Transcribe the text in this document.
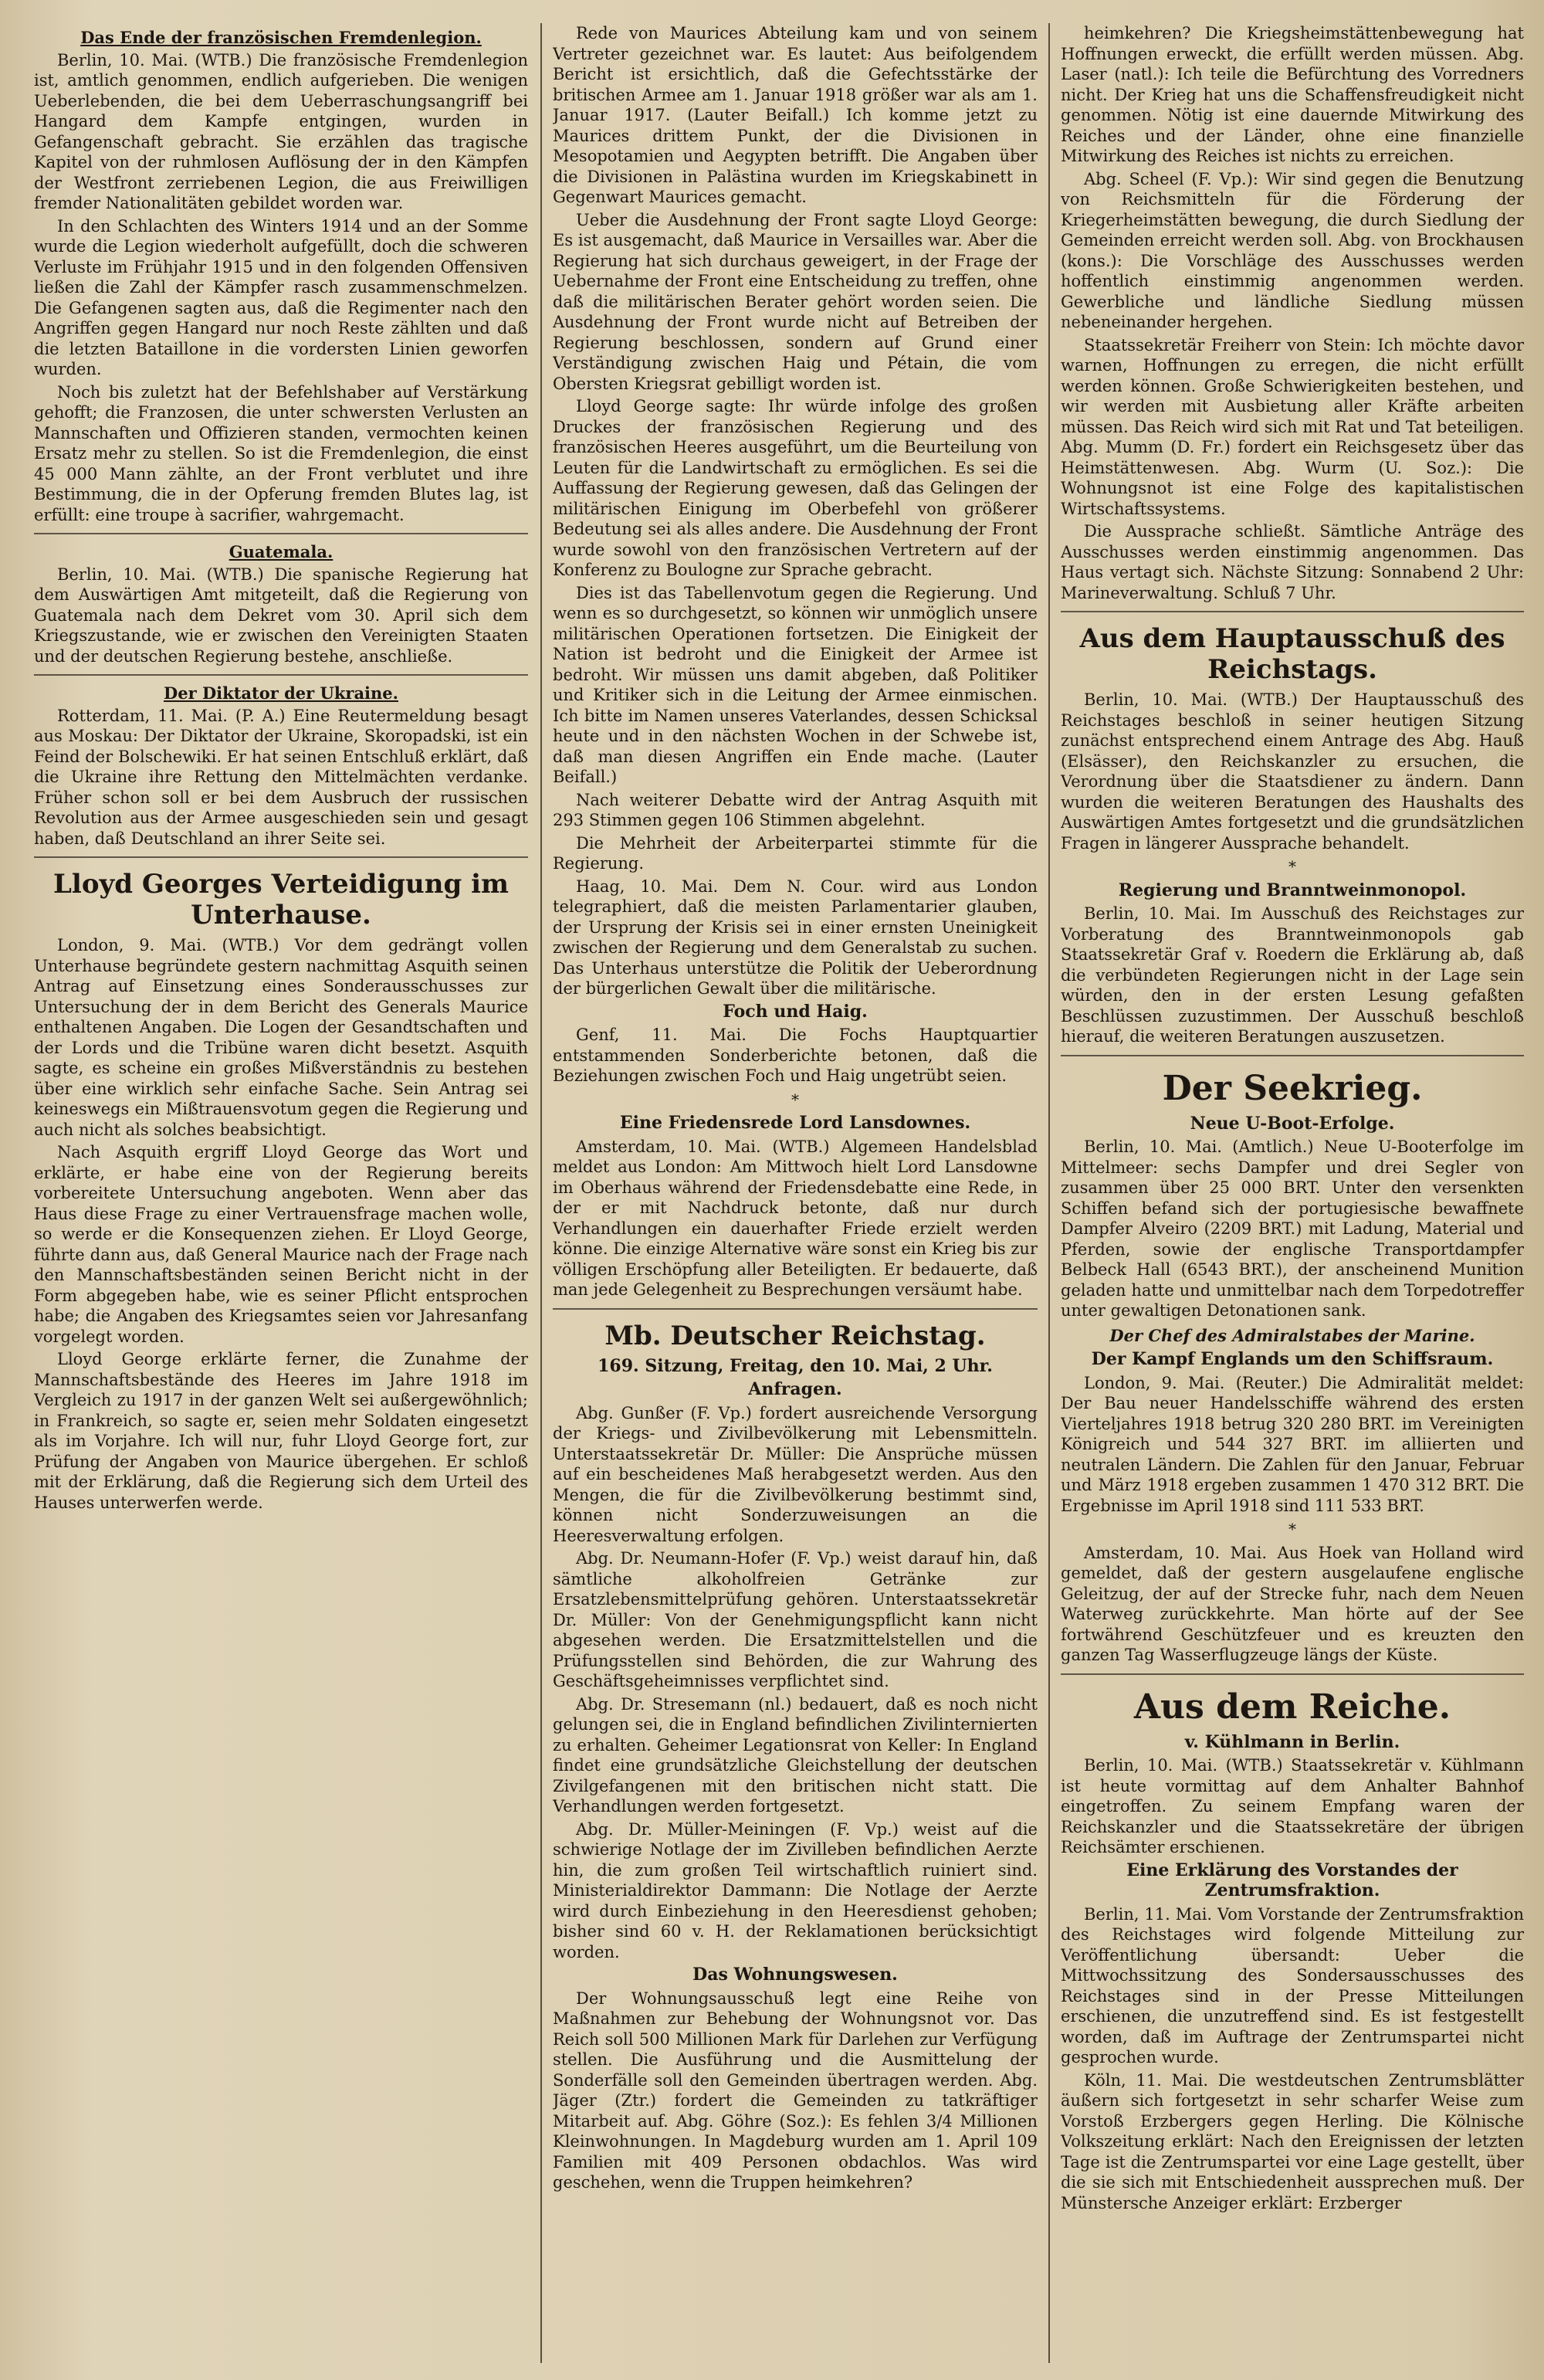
Das Ende der französischen Fremdenlegion.

Berlin, 10. Mai. (WTB.) Die französische Fremdenlegion ist, amtlich genommen, endlich aufgerieben. Die wenigen Ueberlebenden, die bei dem Ueberraschungsangriff bei Hangard dem Kampfe entgingen, wurden in Gefangenschaft gebracht. Sie erzählen das tragische Kapitel von der ruhmlosen Auflösung der in den Kämpfen der Westfront zerriebenen Legion, die aus Freiwilligen fremder Nationalitäten gebildet worden war.

In den Schlachten des Winters 1914 und an der Somme wurde die Legion wiederholt aufgefüllt, doch die schweren Verluste im Frühjahr 1915 und in den folgenden Offensiven ließen die Zahl der Kämpfer rasch zusammenschmelzen. Die Gefangenen sagten aus, daß die Regimenter nach den Angriffen gegen Hangard nur noch Reste zählten und daß die letzten Bataillone in die vordersten Linien geworfen wurden.

Noch bis zuletzt hat der Befehlshaber auf Verstärkung gehofft; die Franzosen, die unter schwersten Verlusten an Mannschaften und Offizieren standen, vermochten keinen Ersatz mehr zu stellen. So ist die Fremdenlegion, die einst 45 000 Mann zählte, an der Front verblutet und ihre Bestimmung, die in der Opferung fremden Blutes lag, ist erfüllt: eine troupe à sacrifier, wahrgemacht.

Guatemala.

Berlin, 10. Mai. (WTB.) Die spanische Regierung hat dem Auswärtigen Amt mitgeteilt, daß die Regierung von Guatemala nach dem Dekret vom 30. April sich dem Kriegszustande, wie er zwischen den Vereinigten Staaten und der deutschen Regierung bestehe, anschließe.

Der Diktator der Ukraine.

Rotterdam, 11. Mai. (P. A.) Eine Reutermeldung besagt aus Moskau: Der Diktator der Ukraine, Skoropadski, ist ein Feind der Bolschewiki. Er hat seinen Entschluß erklärt, daß die Ukraine ihre Rettung den Mittelmächten verdanke. Früher schon soll er bei dem Ausbruch der russischen Revolution aus der Armee ausgeschieden sein und gesagt haben, daß Deutschland an ihrer Seite sei.

Lloyd Georges Verteidigung im Unterhause.

London, 9. Mai. (WTB.) Vor dem gedrängt vollen Unterhause begründete gestern nachmittag Asquith seinen Antrag auf Einsetzung eines Sonderausschusses zur Untersuchung der in dem Bericht des Generals Maurice enthaltenen Angaben. Die Logen der Gesandtschaften und der Lords und die Tribüne waren dicht besetzt. Asquith sagte, es scheine ein großes Mißverständnis zu bestehen über eine wirklich sehr einfache Sache. Sein Antrag sei keineswegs ein Mißtrauensvotum gegen die Regierung und auch nicht als solches beabsichtigt.

Nach Asquith ergriff Lloyd George das Wort und erklärte, er habe eine von der Regierung bereits vorbereitete Untersuchung angeboten. Wenn aber das Haus diese Frage zu einer Vertrauensfrage machen wolle, so werde er die Konsequenzen ziehen. Er Lloyd George, führte dann aus, daß General Maurice nach der Frage nach den Mannschaftsbeständen seinen Bericht nicht in der Form abgegeben habe, wie es seiner Pflicht entsprochen habe; die Angaben des Kriegsamtes seien vor Jahresanfang vorgelegt worden.

Lloyd George erklärte ferner, die Zunahme der Mannschaftsbestände des Heeres im Jahre 1918 im Vergleich zu 1917 in der ganzen Welt sei außergewöhnlich; in Frankreich, so sagte er, seien mehr Soldaten eingesetzt als im Vorjahre. Ich will nur, fuhr Lloyd George fort, zur Prüfung der Angaben von Maurice übergehen. Er schloß mit der Erklärung, daß die Regierung sich dem Urteil des Hauses unterwerfen werde.

Rede von Maurices Abteilung kam und von seinem Vertreter gezeichnet war. Es lautet: Aus beifolgendem Bericht ist ersichtlich, daß die Gefechtsstärke der britischen Armee am 1. Januar 1918 größer war als am 1. Januar 1917. (Lauter Beifall.) Ich komme jetzt zu Maurices drittem Punkt, der die Divisionen in Mesopotamien und Aegypten betrifft. Die Angaben über die Divisionen in Palästina wurden im Kriegskabinett in Gegenwart Maurices gemacht.

Ueber die Ausdehnung der Front sagte Lloyd George: Es ist ausgemacht, daß Maurice in Versailles war. Aber die Regierung hat sich durchaus geweigert, in der Frage der Uebernahme der Front eine Entscheidung zu treffen, ohne daß die militärischen Berater gehört worden seien. Die Ausdehnung der Front wurde nicht auf Betreiben der Regierung beschlossen, sondern auf Grund einer Verständigung zwischen Haig und Pétain, die vom Obersten Kriegsrat gebilligt worden ist.

Lloyd George sagte: Ihr würde infolge des großen Druckes der französischen Regierung und des französischen Heeres ausgeführt, um die Beurteilung von Leuten für die Landwirtschaft zu ermöglichen. Es sei die Auffassung der Regierung gewesen, daß das Gelingen der militärischen Einigung im Oberbefehl von größerer Bedeutung sei als alles andere. Die Ausdehnung der Front wurde sowohl von den französischen Vertretern auf der Konferenz zu Boulogne zur Sprache gebracht.

Dies ist das Tabellenvotum gegen die Regierung. Und wenn es so durchgesetzt, so können wir unmöglich unsere militärischen Operationen fortsetzen. Die Einigkeit der Nation ist bedroht und die Einigkeit der Armee ist bedroht. Wir müssen uns damit abgeben, daß Politiker und Kritiker sich in die Leitung der Armee einmischen. Ich bitte im Namen unseres Vaterlandes, dessen Schicksal heute und in den nächsten Wochen in der Schwebe ist, daß man diesen Angriffen ein Ende mache. (Lauter Beifall.)

Nach weiterer Debatte wird der Antrag Asquith mit 293 Stimmen gegen 106 Stimmen abgelehnt.

Die Mehrheit der Arbeiterpartei stimmte für die Regierung.

Haag, 10. Mai. Dem N. Cour. wird aus London telegraphiert, daß die meisten Parlamentarier glauben, der Ursprung der Krisis sei in einer ernsten Uneinigkeit zwischen der Regierung und dem Generalstab zu suchen. Das Unterhaus unterstütze die Politik der Ueberordnung der bürgerlichen Gewalt über die militärische.

Foch und Haig.

Genf, 11. Mai. Die Fochs Hauptquartier entstammenden Sonderberichte betonen, daß die Beziehungen zwischen Foch und Haig ungetrübt seien.

*
Eine Friedensrede Lord Lansdownes.

Amsterdam, 10. Mai. (WTB.) Algemeen Handelsblad meldet aus London: Am Mittwoch hielt Lord Lansdowne im Oberhaus während der Friedensdebatte eine Rede, in der er mit Nachdruck betonte, daß nur durch Verhandlungen ein dauerhafter Friede erzielt werden könne. Die einzige Alternative wäre sonst ein Krieg bis zur völligen Erschöpfung aller Beteiligten. Er bedauerte, daß man jede Gelegenheit zu Besprechungen versäumt habe.

Mb. Deutscher Reichstag.
169. Sitzung, Freitag, den 10. Mai, 2 Uhr.
Anfragen.

Abg. Gunßer (F. Vp.) fordert ausreichende Versorgung der Kriegs- und Zivilbevölkerung mit Lebensmitteln. Unterstaatssekretär Dr. Müller: Die Ansprüche müssen auf ein bescheidenes Maß herabgesetzt werden. Aus den Mengen, die für die Zivilbevölkerung bestimmt sind, können nicht Sonderzuweisungen an die Heeresverwaltung erfolgen.

Abg. Dr. Neumann-Hofer (F. Vp.) weist darauf hin, daß sämtliche alkoholfreien Getränke zur Ersatzlebensmittelprüfung gehören. Unterstaatssekretär Dr. Müller: Von der Genehmigungspflicht kann nicht abgesehen werden. Die Ersatzmittelstellen und die Prüfungsstellen sind Behörden, die zur Wahrung des Geschäftsgeheimnisses verpflichtet sind.

Abg. Dr. Stresemann (nl.) bedauert, daß es noch nicht gelungen sei, die in England befindlichen Zivilinternierten zu erhalten. Geheimer Legationsrat von Keller: In England findet eine grundsätzliche Gleichstellung der deutschen Zivilgefangenen mit den britischen nicht statt. Die Verhandlungen werden fortgesetzt.

Abg. Dr. Müller-Meiningen (F. Vp.) weist auf die schwierige Notlage der im Zivilleben befindlichen Aerzte hin, die zum großen Teil wirtschaftlich ruiniert sind. Ministerialdirektor Dammann: Die Notlage der Aerzte wird durch Einbeziehung in den Heeresdienst gehoben; bisher sind 60 v. H. der Reklamationen berücksichtigt worden.

Das Wohnungswesen.

Der Wohnungsausschuß legt eine Reihe von Maßnahmen zur Behebung der Wohnungsnot vor. Das Reich soll 500 Millionen Mark für Darlehen zur Verfügung stellen. Die Ausführung und die Ausmittelung der Sonderfälle soll den Gemeinden übertragen werden. Abg. Jäger (Ztr.) fordert die Gemeinden zu tatkräftiger Mitarbeit auf. Abg. Göhre (Soz.): Es fehlen 3/4 Millionen Kleinwohnungen. In Magdeburg wurden am 1. April 109 Familien mit 409 Personen obdachlos. Was wird geschehen, wenn die Truppen heimkehren?

heimkehren? Die Kriegsheimstättenbewegung hat Hoffnungen erweckt, die erfüllt werden müssen. Abg. Laser (natl.): Ich teile die Befürchtung des Vorredners nicht. Der Krieg hat uns die Schaffensfreudigkeit nicht genommen. Nötig ist eine dauernde Mitwirkung des Reiches und der Länder, ohne eine finanzielle Mitwirkung des Reiches ist nichts zu erreichen.

Abg. Scheel (F. Vp.): Wir sind gegen die Benutzung von Reichsmitteln für die Förderung der Kriegerheimstätten bewegung, die durch Siedlung der Gemeinden erreicht werden soll. Abg. von Brockhausen (kons.): Die Vorschläge des Ausschusses werden hoffentlich einstimmig angenommen werden. Gewerbliche und ländliche Siedlung müssen nebeneinander hergehen.

Staatssekretär Freiherr von Stein: Ich möchte davor warnen, Hoffnungen zu erregen, die nicht erfüllt werden können. Große Schwierigkeiten bestehen, und wir werden mit Ausbietung aller Kräfte arbeiten müssen. Das Reich wird sich mit Rat und Tat beteiligen. Abg. Mumm (D. Fr.) fordert ein Reichsgesetz über das Heimstättenwesen. Abg. Wurm (U. Soz.): Die Wohnungsnot ist eine Folge des kapitalistischen Wirtschaftssystems.

Die Aussprache schließt. Sämtliche Anträge des Ausschusses werden einstimmig angenommen. Das Haus vertagt sich. Nächste Sitzung: Sonnabend 2 Uhr: Marineverwaltung. Schluß 7 Uhr.

Aus dem Hauptausschuß des Reichstags.

Berlin, 10. Mai. (WTB.) Der Hauptausschuß des Reichstages beschloß in seiner heutigen Sitzung zunächst entsprechend einem Antrage des Abg. Hauß (Elsässer), den Reichskanzler zu ersuchen, die Verordnung über die Staatsdiener zu ändern. Dann wurden die weiteren Beratungen des Haushalts des Auswärtigen Amtes fortgesetzt und die grundsätzlichen Fragen in längerer Aussprache behandelt.

*
Regierung und Branntweinmonopol.

Berlin, 10. Mai. Im Ausschuß des Reichstages zur Vorberatung des Branntweinmonopols gab Staatssekretär Graf v. Roedern die Erklärung ab, daß die verbündeten Regierungen nicht in der Lage sein würden, den in der ersten Lesung gefaßten Beschlüssen zuzustimmen. Der Ausschuß beschloß hierauf, die weiteren Beratungen auszusetzen.

Der Seekrieg.
Neue U-Boot-Erfolge.

Berlin, 10. Mai. (Amtlich.) Neue U-Booterfolge im Mittelmeer: sechs Dampfer und drei Segler von zusammen über 25 000 BRT. Unter den versenkten Schiffen befand sich der portugiesische bewaffnete Dampfer Alveiro (2209 BRT.) mit Ladung, Material und Pferden, sowie der englische Transportdampfer Belbeck Hall (6543 BRT.), der anscheinend Munition geladen hatte und unmittelbar nach dem Torpedotreffer unter gewaltigen Detonationen sank.

Der Chef des Admiralstabes der Marine.
Der Kampf Englands um den Schiffsraum.

London, 9. Mai. (Reuter.) Die Admiralität meldet: Der Bau neuer Handelsschiffe während des ersten Vierteljahres 1918 betrug 320 280 BRT. im Vereinigten Königreich und 544 327 BRT. im alliierten und neutralen Ländern. Die Zahlen für den Januar, Februar und März 1918 ergeben zusammen 1 470 312 BRT. Die Ergebnisse im April 1918 sind 111 533 BRT.

*

Amsterdam, 10. Mai. Aus Hoek van Holland wird gemeldet, daß der gestern ausgelaufene englische Geleitzug, der auf der Strecke fuhr, nach dem Neuen Waterweg zurückkehrte. Man hörte auf der See fortwährend Geschützfeuer und es kreuzten den ganzen Tag Wasserflugzeuge längs der Küste.

Aus dem Reiche.
v. Kühlmann in Berlin.

Berlin, 10. Mai. (WTB.) Staatssekretär v. Kühlmann ist heute vormittag auf dem Anhalter Bahnhof eingetroffen. Zu seinem Empfang waren der Reichskanzler und die Staatssekretäre der übrigen Reichsämter erschienen.

Eine Erklärung des Vorstandes der Zentrumsfraktion.

Berlin, 11. Mai. Vom Vorstande der Zentrumsfraktion des Reichstages wird folgende Mitteilung zur Veröffentlichung übersandt: Ueber die Mittwochssitzung des Sondersausschusses des Reichstages sind in der Presse Mitteilungen erschienen, die unzutreffend sind. Es ist festgestellt worden, daß im Auftrage der Zentrumspartei nicht gesprochen wurde.

Köln, 11. Mai. Die westdeutschen Zentrumsblätter äußern sich fortgesetzt in sehr scharfer Weise zum Vorstoß Erzbergers gegen Herling. Die Kölnische Volkszeitung erklärt: Nach den Ereignissen der letzten Tage ist die Zentrumspartei vor eine Lage gestellt, über die sie sich mit Entschiedenheit aussprechen muß. Der Münstersche Anzeiger erklärt: Erzberger
